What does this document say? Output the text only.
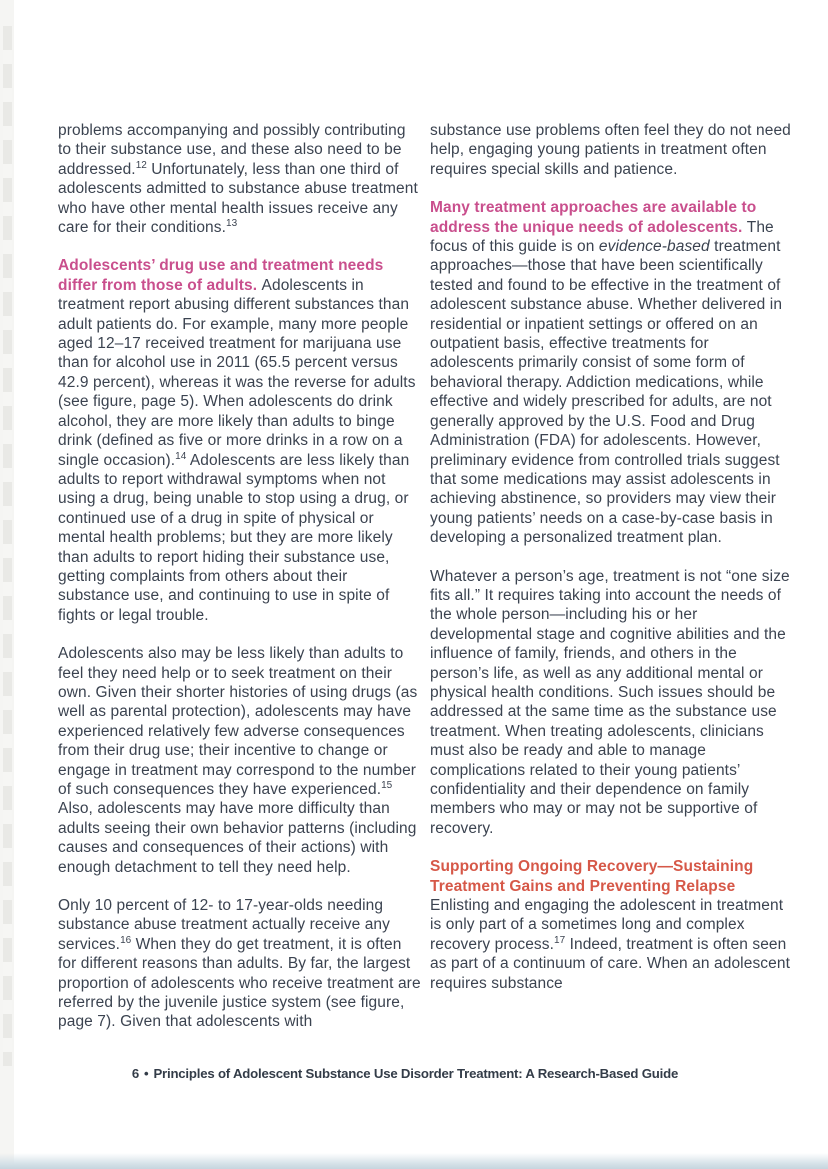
problems accompanying and possibly contributing to their substance use, and these also need to be addressed.$^{12}$ Unfortunately, less than one third of adolescents admitted to substance abuse treatment who have other mental health issues receive any care for their conditions.$^{13}$

Adolescents’ drug use and treatment needs differ from those of adults. Adolescents in treatment report abusing different substances than adult patients do. For example, many more people aged 12–17 received treatment for marijuana use than for alcohol use in 2011 (65.5 percent versus 42.9 percent), whereas it was the reverse for adults (see figure, page 5). When adolescents do drink alcohol, they are more likely than adults to binge drink (defined as five or more drinks in a row on a single occasion).$^{14}$ Adolescents are less likely than adults to report withdrawal symptoms when not using a drug, being unable to stop using a drug, or continued use of a drug in spite of physical or mental health problems; but they are more likely than adults to report hiding their substance use, getting complaints from others about their substance use, and continuing to use in spite of fights or legal trouble.

Adolescents also may be less likely than adults to feel they need help or to seek treatment on their own. Given their shorter histories of using drugs (as well as parental protection), adolescents may have experienced relatively few adverse consequences from their drug use; their incentive to change or engage in treatment may correspond to the number of such consequences they have experienced.$^{15}$ Also, adolescents may have more difficulty than adults seeing their own behavior patterns (including causes and consequences of their actions) with enough detachment to tell they need help.

Only 10 percent of 12- to 17-year-olds needing substance abuse treatment actually receive any services.$^{16}$ When they do get treatment, it is often for different reasons than adults. By far, the largest proportion of adolescents who receive treatment are referred by the juvenile justice system (see figure, page 7). Given that adolescents with

substance use problems often feel they do not need help, engaging young patients in treatment often requires special skills and patience.

Many treatment approaches are available to address the unique needs of adolescents. The focus of this guide is on evidence-based treatment approaches—those that have been scientifically tested and found to be effective in the treatment of adolescent substance abuse. Whether delivered in residential or inpatient settings or offered on an outpatient basis, effective treatments for adolescents primarily consist of some form of behavioral therapy. Addiction medications, while effective and widely prescribed for adults, are not generally approved by the U.S. Food and Drug Administration (FDA) for adolescents. However, preliminary evidence from controlled trials suggest that some medications may assist adolescents in achieving abstinence, so providers may view their young patients’ needs on a case-by-case basis in developing a personalized treatment plan.

Whatever a person’s age, treatment is not “one size fits all.” It requires taking into account the needs of the whole person—including his or her developmental stage and cognitive abilities and the influence of family, friends, and others in the person’s life, as well as any additional mental or physical health conditions. Such issues should be addressed at the same time as the substance use treatment. When treating adolescents, clinicians must also be ready and able to manage complications related to their young patients’ confidentiality and their dependence on family members who may or may not be supportive of recovery.

Supporting Ongoing Recovery—Sustaining Treatment Gains and Preventing Relapse
Enlisting and engaging the adolescent in treatment is only part of a sometimes long and complex recovery process.$^{17}$ Indeed, treatment is often seen as part of a continuum of care. When an adolescent requires substance

6 • Principles of Adolescent Substance Use Disorder Treatment: A Research-Based Guide
